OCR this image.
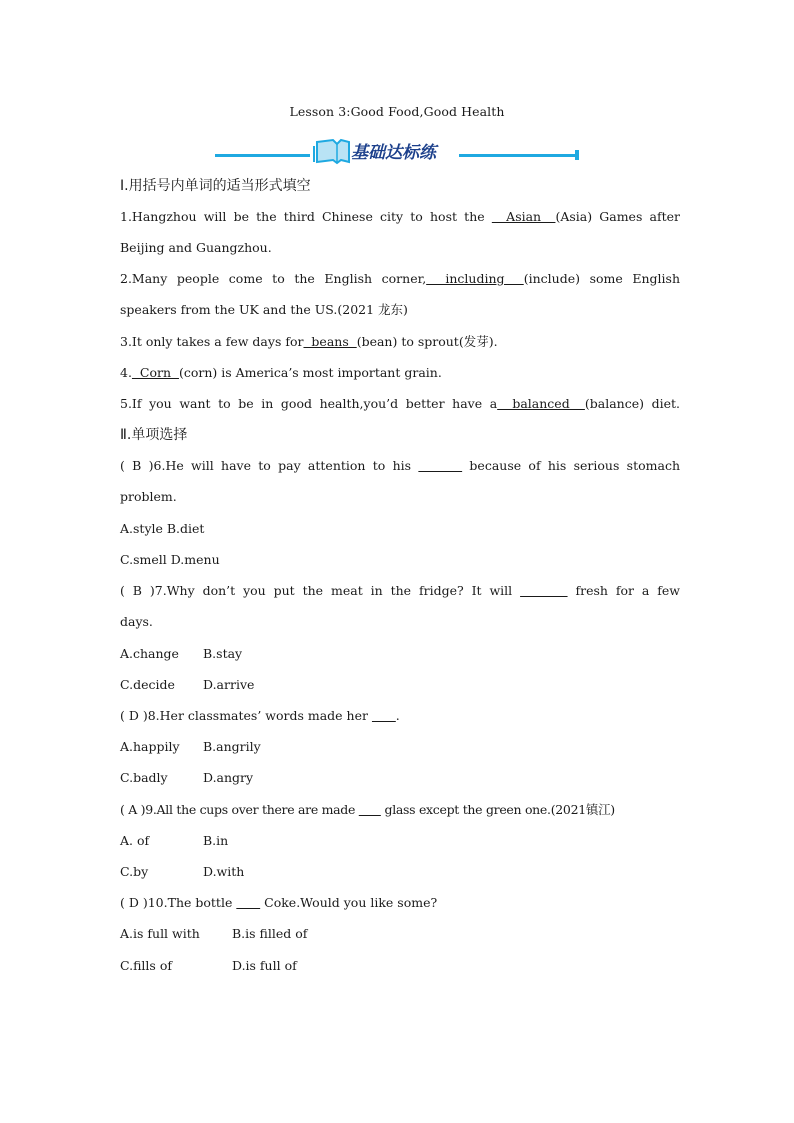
Lesson 3:Good Food,Good Health
基础达标练
Ⅰ.用括号内单词的适当形式填空
1.Hangzhou will be the third Chinese city to host the   Asian  (Asia) Games after
Beijing and Guangzhou.
2.Many people come to the English corner,  including  (include) some English
speakers from the UK and the US.(2021 龙东)
3.It only takes a few days for  beans  (bean) to sprout(发芽).
4.  Corn  (corn) is America’s most important grain.
5.If you want to be in good health,you’d better have a  balanced  (balance) diet.
Ⅱ.单项选择
( B )6.He will have to pay attention to his	because of his serious stomach
problem.
A.style B.diet
C.smell D.menu
( B )7.Why don’t you put the meat in the fridge? It will	fresh for a few
days.
A.change B.stay
C.decide D.arrive
( D )8.Her classmates’ words made her       .
A.happily B.angrily
C.badly	D.angry
( A )9.All the cups over there are made        glass except the green one.(2021镇江)
A. of	B.in
C.by	D.with
( D )10.The bottle        Coke.Would you like some?
A.is full with	B.is filled of
C.fills of	D.is full of
